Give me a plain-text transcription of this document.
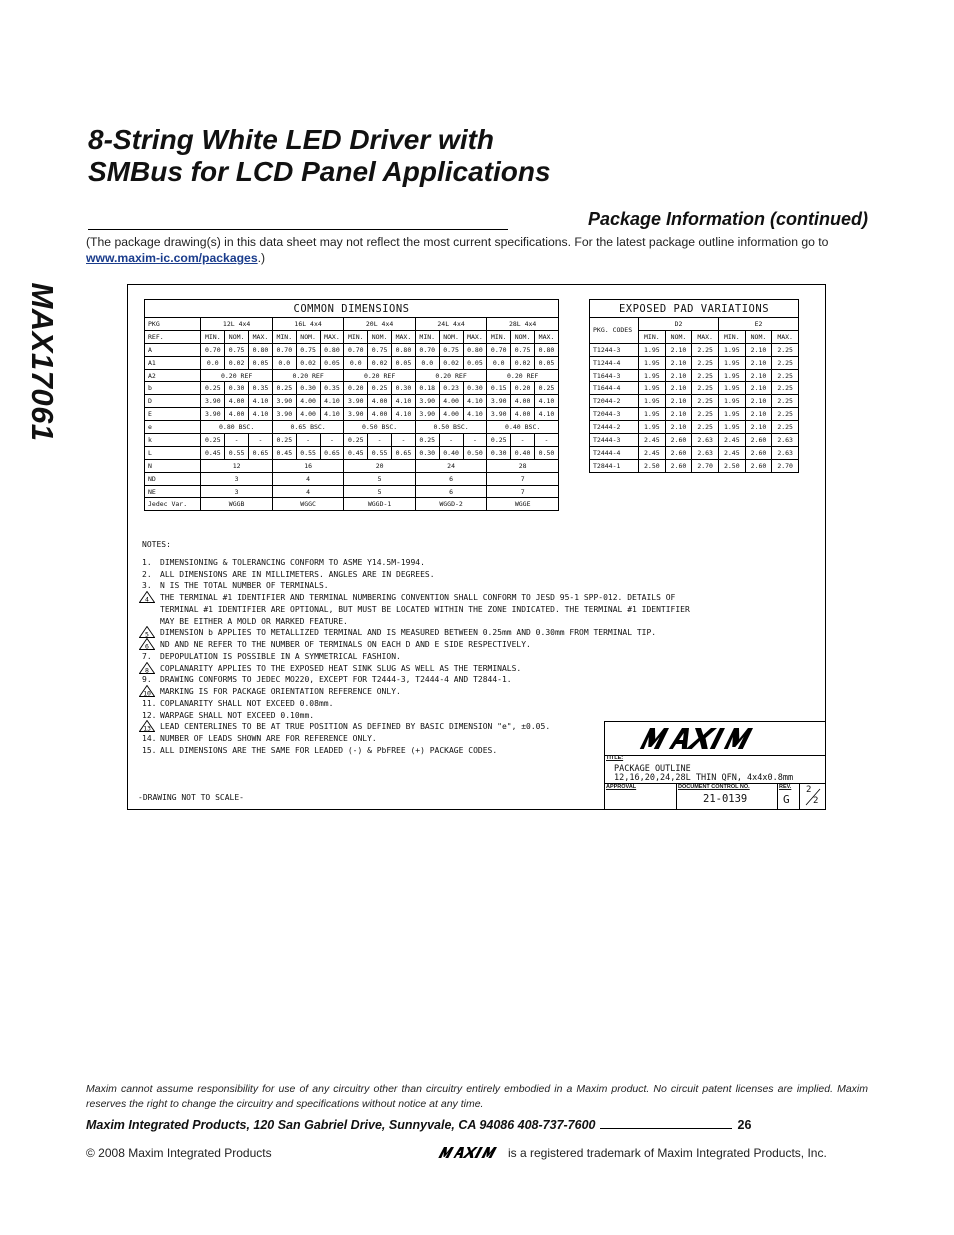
MAX17061
8-String White LED Driver with
SMBus for LCD Panel Applications
Package Information (continued)

(The package drawing(s) in this data sheet may not reflect the most current specifications. For the latest package outline information go to www.maxim-ic.com/packages.)

COMMON DIMENSIONS															
PKG	12L 4x4			16L 4x4			20L 4x4			24L 4x4			28L 4x4		
REF.	MIN.	NOM.	MAX.	MIN.	NOM.	MAX.	MIN.	NOM.	MAX.	MIN.	NOM.	MAX.	MIN.	NOM.	MAX.
A	0.70	0.75	0.80	0.70	0.75	0.80	0.70	0.75	0.80	0.70	0.75	0.80	0.70	0.75	0.80
A1	0.0	0.02	0.05	0.0	0.02	0.05	0.0	0.02	0.05	0.0	0.02	0.05	0.0	0.02	0.05
A2	0.20 REF			0.20 REF			0.20 REF			0.20 REF			0.20 REF		
b	0.25	0.30	0.35	0.25	0.30	0.35	0.20	0.25	0.30	0.18	0.23	0.30	0.15	0.20	0.25
D	3.90	4.00	4.10	3.90	4.00	4.10	3.90	4.00	4.10	3.90	4.00	4.10	3.90	4.00	4.10
E	3.90	4.00	4.10	3.90	4.00	4.10	3.90	4.00	4.10	3.90	4.00	4.10	3.90	4.00	4.10
e	0.80 BSC.			0.65 BSC.			0.50 BSC.			0.50 BSC.			0.40 BSC.		
k	0.25	-	-	0.25	-	-	0.25	-	-	0.25	-	-	0.25	-	-
L	0.45	0.55	0.65	0.45	0.55	0.65	0.45	0.55	0.65	0.30	0.40	0.50	0.30	0.40	0.50
N	12			16			20			24			28		
ND	3			4			5			6			7		
NE	3			4			5			6			7		
Jedec Var.	WGGB			WGGC			WGGD-1			WGGD-2			WGGE		
EXPOSED PAD VARIATIONS						
PKG. CODES	D2			E2		
	MIN.	NOM.	MAX.	MIN.	NOM.	MAX.
T1244-3	1.95	2.10	2.25	1.95	2.10	2.25
T1244-4	1.95	2.10	2.25	1.95	2.10	2.25
T1644-3	1.95	2.10	2.25	1.95	2.10	2.25
T1644-4	1.95	2.10	2.25	1.95	2.10	2.25
T2044-2	1.95	2.10	2.25	1.95	2.10	2.25
T2044-3	1.95	2.10	2.25	1.95	2.10	2.25
T2444-2	1.95	2.10	2.25	1.95	2.10	2.25
T2444-3	2.45	2.60	2.63	2.45	2.60	2.63
T2444-4	2.45	2.60	2.63	2.45	2.60	2.63
T2844-1	2.50	2.60	2.70	2.50	2.60	2.70
NOTES:
1. DIMENSIONING & TOLERANCING CONFORM TO ASME Y14.5M-1994.
2. ALL DIMENSIONS ARE IN MILLIMETERS. ANGLES ARE IN DEGREES.
3. N IS THE TOTAL NUMBER OF TERMINALS.
4 THE TERMINAL #1 IDENTIFIER AND TERMINAL NUMBERING CONVENTION SHALL CONFORM TO JESD 95-1 SPP-012. DETAILS OF
TERMINAL #1 IDENTIFIER ARE OPTIONAL, BUT MUST BE LOCATED WITHIN THE ZONE INDICATED. THE TERMINAL #1 IDENTIFIER
MAY BE EITHER A MOLD OR MARKED FEATURE.
5 DIMENSION b APPLIES TO METALLIZED TERMINAL AND IS MEASURED BETWEEN 0.25mm AND 0.30mm FROM TERMINAL TIP.
6 ND AND NE REFER TO THE NUMBER OF TERMINALS ON EACH D AND E SIDE RESPECTIVELY.
7. DEPOPULATION IS POSSIBLE IN A SYMMETRICAL FASHION.
8 COPLANARITY APPLIES TO THE EXPOSED HEAT SINK SLUG AS WELL AS THE TERMINALS.
9. DRAWING CONFORMS TO JEDEC MO220, EXCEPT FOR T2444-3, T2444-4 AND T2844-1.
10 MARKING IS FOR PACKAGE ORIENTATION REFERENCE ONLY.
11. COPLANARITY SHALL NOT EXCEED 0.08mm.
12. WARPAGE SHALL NOT EXCEED 0.10mm.
13 LEAD CENTERLINES TO BE AT TRUE POSITION AS DEFINED BY BASIC DIMENSION "e", ±0.05.
14. NUMBER OF LEADS SHOWN ARE FOR REFERENCE ONLY.
15. ALL DIMENSIONS ARE THE SAME FOR LEADED (-) & PbFREE (+) PACKAGE CODES.
-DRAWING NOT TO SCALE-
TITLE:
PACKAGE OUTLINE
12,16,20,24,28L THIN QFN, 4x4x0.8mm
APPROVAL	DOCUMENT CONTROL NO.
21-0139
REV.
G
2
2

Maxim cannot assume responsibility for use of any circuitry other than circuitry entirely embodied in a Maxim product. No circuit patent licenses are implied. Maxim reserves the right to change the circuitry and specifications without notice at any time.

Maxim Integrated Products, 120 San Gabriel Drive, Sunnyvale, CA 94086 408-737-7600	26
© 2008 Maxim Integrated Products	is a registered trademark of Maxim Integrated Products, Inc.
